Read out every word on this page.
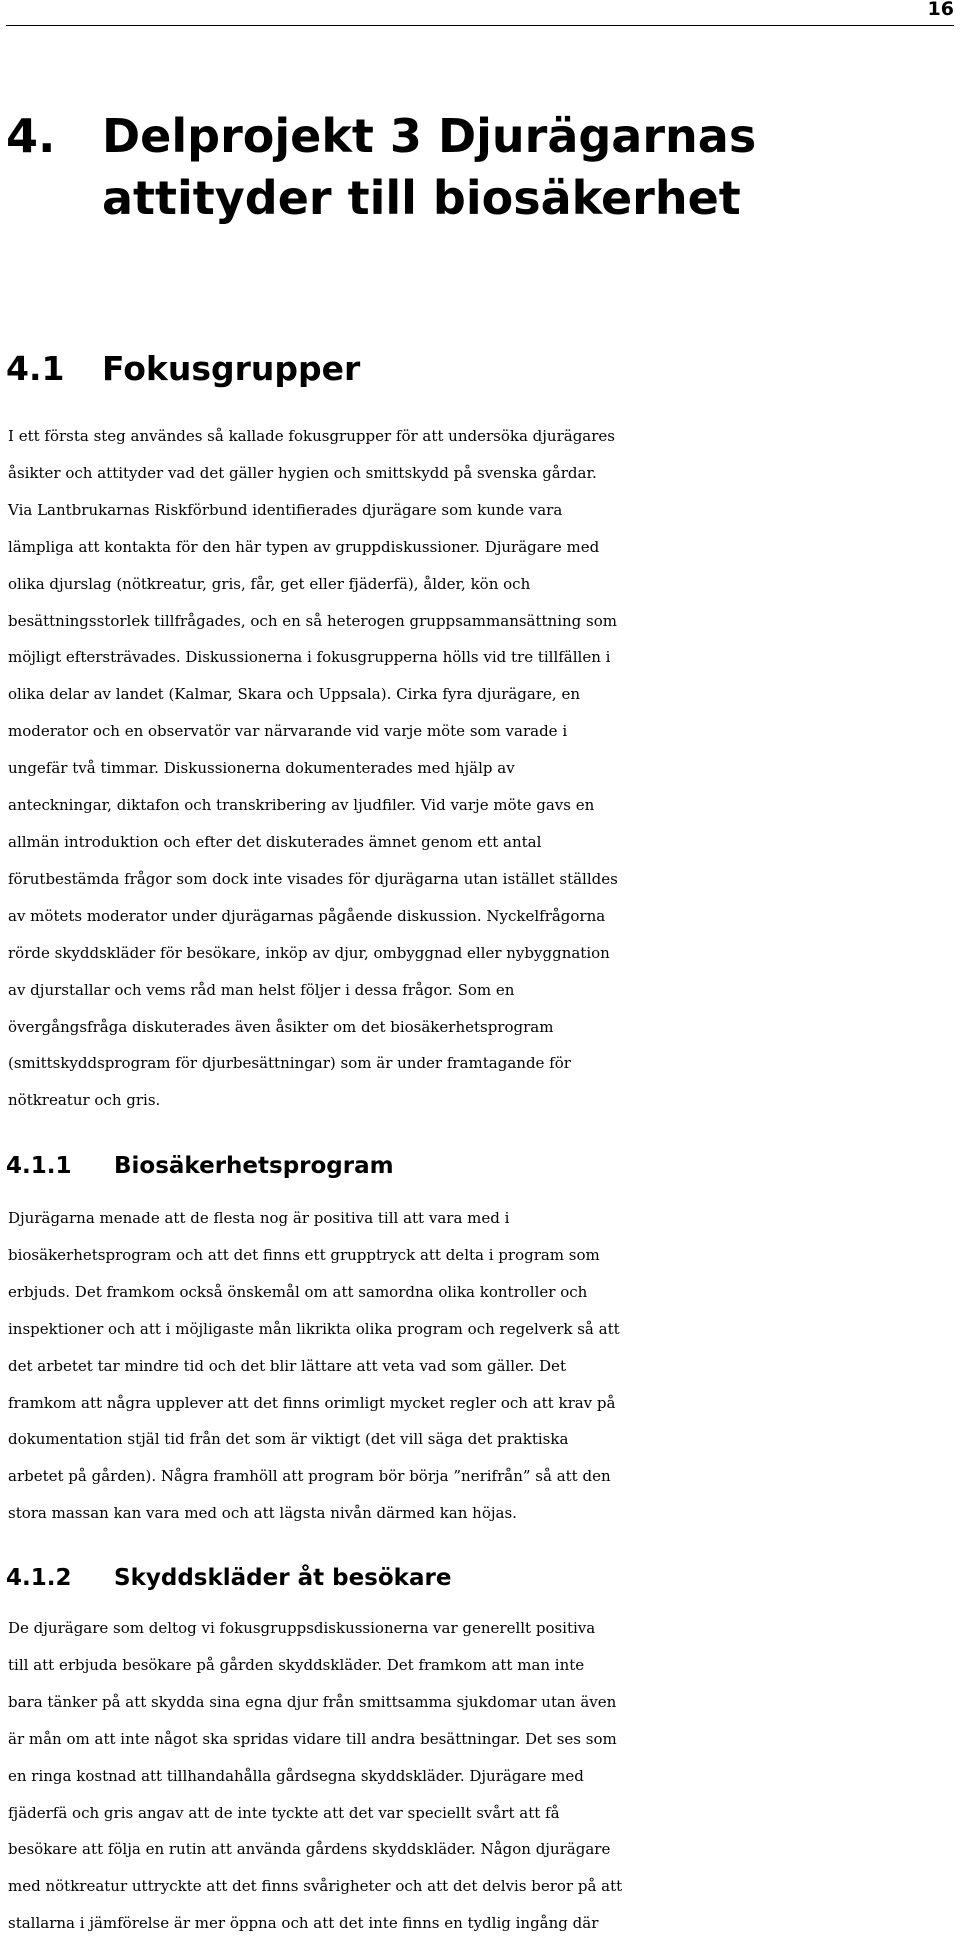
16
4.	Delprojekt 3 Djurägarnas
attityder till biosäkerhet
4.1	Fokusgrupper
I ett första steg användes så kallade fokusgrupper för att undersöka djurägares
åsikter och attityder vad det gäller hygien och smittskydd på svenska gårdar.
Via Lantbrukarnas Riskförbund identifierades djurägare som kunde vara
lämpliga att kontakta för den här typen av gruppdiskussioner. Djurägare med
olika djurslag (nötkreatur, gris, får, get eller fjäderfä), ålder, kön och
besättningsstorlek tillfrågades, och en så heterogen gruppsammansättning som
möjligt eftersträvades. Diskussionerna i fokusgrupperna hölls vid tre tillfällen i
olika delar av landet (Kalmar, Skara och Uppsala). Cirka fyra djurägare, en
moderator och en observatör var närvarande vid varje möte som varade i
ungefär två timmar. Diskussionerna dokumenterades med hjälp av
anteckningar, diktafon och transkribering av ljudfiler. Vid varje möte gavs en
allmän introduktion och efter det diskuterades ämnet genom ett antal
förutbestämda frågor som dock inte visades för djurägarna utan istället ställdes
av mötets moderator under djurägarnas pågående diskussion. Nyckelfrågorna
rörde skyddskläder för besökare, inköp av djur, ombyggnad eller nybyggnation
av djurstallar och vems råd man helst följer i dessa frågor. Som en
övergångsfråga diskuterades även åsikter om det biosäkerhetsprogram
(smittskyddsprogram för djurbesättningar) som är under framtagande för
nötkreatur och gris.
4.1.1	Biosäkerhetsprogram
Djurägarna menade att de flesta nog är positiva till att vara med i
biosäkerhetsprogram och att det finns ett grupptryck att delta i program som
erbjuds. Det framkom också önskemål om att samordna olika kontroller och
inspektioner och att i möjligaste mån likrikta olika program och regelverk så att
det arbetet tar mindre tid och det blir lättare att veta vad som gäller. Det
framkom att några upplever att det finns orimligt mycket regler och att krav på
dokumentation stjäl tid från det som är viktigt (det vill säga det praktiska
arbetet på gården). Några framhöll att program bör börja ”nerifrån” så att den
stora massan kan vara med och att lägsta nivån därmed kan höjas.
4.1.2	Skyddskläder åt besökare
De djurägare som deltog vi fokusgruppsdiskussionerna var generellt positiva
till att erbjuda besökare på gården skyddskläder. Det framkom att man inte
bara tänker på att skydda sina egna djur från smittsamma sjukdomar utan även
är mån om att inte något ska spridas vidare till andra besättningar. Det ses som
en ringa kostnad att tillhandahålla gårdsegna skyddskläder. Djurägare med
fjäderfä och gris angav att de inte tyckte att det var speciellt svårt att få
besökare att följa en rutin att använda gårdens skyddskläder. Någon djurägare
med nötkreatur uttryckte att det finns svårigheter och att det delvis beror på att
stallarna i jämförelse är mer öppna och att det inte finns en tydlig ingång där
